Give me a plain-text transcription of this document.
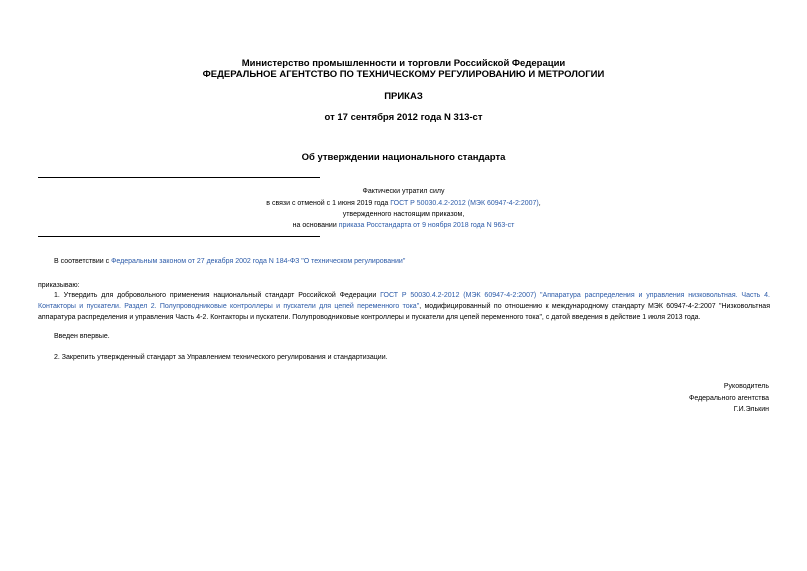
Министерство промышленности и торговли Российской Федерации
ФЕДЕРАЛЬНОЕ АГЕНТСТВО ПО ТЕХНИЧЕСКОМУ РЕГУЛИРОВАНИЮ И МЕТРОЛОГИИ
ПРИКАЗ
от 17 сентября 2012 года N 313-ст
Об утверждении национального стандарта
Фактически утратил силу
в связи с отменой с 1 июня 2019 года ГОСТ Р 50030.4.2-2012 (МЭК 60947-4-2:2007),
утвержденного настоящим приказом,
на основании приказа Росстандарта от 9 ноября 2018 года N 963-ст
В соответствии с Федеральным законом от 27 декабря 2002 года N 184-ФЗ "О техническом регулировании"
приказываю:
1. Утвердить для добровольного применения национальный стандарт Российской Федерации ГОСТ Р 50030.4.2-2012 (МЭК 60947-4-2:2007) "Аппаратура распределения и управления низковольтная. Часть 4. Контакторы и пускатели. Раздел 2. Полупроводниковые контроллеры и пускатели для цепей переменного тока", модифицированный по отношению к международному стандарту МЭК 60947-4-2:2007 "Низковольтная аппаратура распределения и управления Часть 4-2. Контакторы и пускатели. Полупроводниковые контроллеры и пускатели для цепей переменного тока", с датой введения в действие 1 июля 2013 года.
Введен впервые.
2. Закрепить утвержденный стандарт за Управлением технического регулирования и стандартизации.
Руководитель
Федерального агентства
Г.И.Элькин
